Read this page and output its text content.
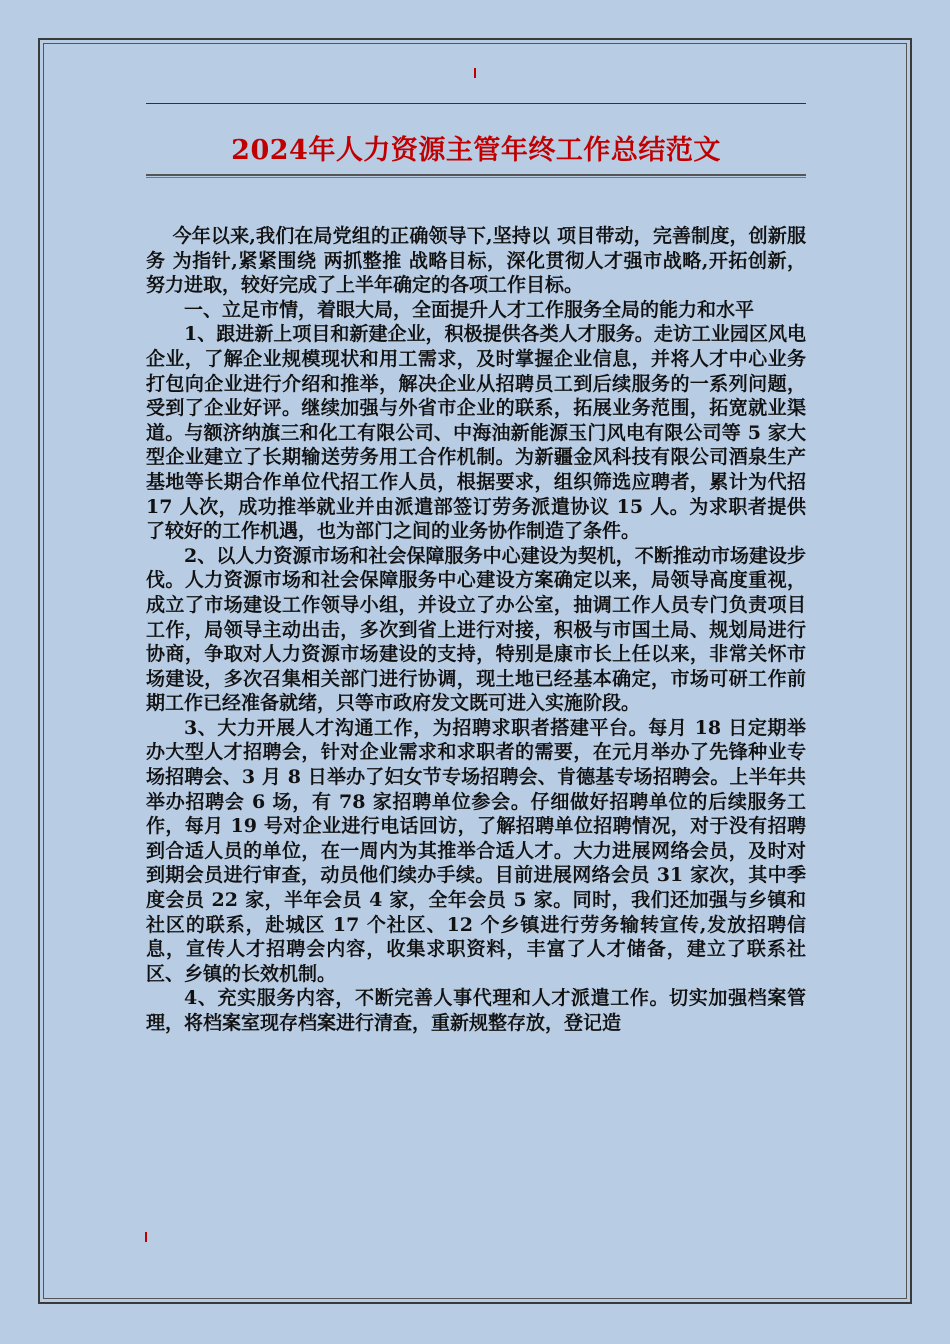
2024年人力资源主管年终工作总结范文

今年以来,我们在局党组的正确领导下,坚持以 项目带动，完善制度，创新服务 为指针,紧紧围绕 两抓整推 战略目标，深化贯彻人才强市战略,开拓创新，努力进取，较好完成了上半年确定的各项工作目标。

一、立足市情，着眼大局，全面提升人才工作服务全局的能力和水平

1、跟进新上项目和新建企业，积极提供各类人才服务。走访工业园区风电企业，了解企业规模现状和用工需求，及时掌握企业信息，并将人才中心业务打包向企业进行介绍和推举，解决企业从招聘员工到后续服务的一系列问题，受到了企业好评。继续加强与外省市企业的联系，拓展业务范围，拓宽就业渠道。与额济纳旗三和化工有限公司、中海油新能源玉门风电有限公司等 5 家大型企业建立了长期输送劳务用工合作机制。为新疆金风科技有限公司酒泉生产基地等长期合作单位代招工作人员，根据要求，组织筛选应聘者，累计为代招 17 人次，成功推举就业并由派遣部签订劳务派遣协议 15 人。为求职者提供了较好的工作机遇，也为部门之间的业务协作制造了条件。

2、以人力资源市场和社会保障服务中心建设为契机，不断推动市场建设步伐。人力资源市场和社会保障服务中心建设方案确定以来，局领导高度重视，成立了市场建设工作领导小组，并设立了办公室，抽调工作人员专门负责项目工作，局领导主动出击，多次到省上进行对接，积极与市国土局、规划局进行协商，争取对人力资源市场建设的支持，特别是康市长上任以来，非常关怀市场建设，多次召集相关部门进行协调，现土地已经基本确定，市场可研工作前期工作已经准备就绪，只等市政府发文既可进入实施阶段。

3、大力开展人才沟通工作，为招聘求职者搭建平台。每月 18 日定期举办大型人才招聘会，针对企业需求和求职者的需要，在元月举办了先锋种业专场招聘会、3 月 8 日举办了妇女节专场招聘会、肯德基专场招聘会。上半年共举办招聘会 6 场，有 78 家招聘单位参会。仔细做好招聘单位的后续服务工作，每月 19 号对企业进行电话回访，了解招聘单位招聘情况，对于没有招聘到合适人员的单位，在一周内为其推举合适人才。大力进展网络会员，及时对到期会员进行审查，动员他们续办手续。目前进展网络会员 31 家次，其中季度会员 22 家，半年会员 4 家，全年会员 5 家。同时，我们还加强与乡镇和社区的联系，赴城区 17 个社区、12 个乡镇进行劳务输转宣传,发放招聘信息，宣传人才招聘会内容，收集求职资料，丰富了人才储备，建立了联系社区、乡镇的长效机制。

4、充实服务内容，不断完善人事代理和人才派遣工作。切实加强档案管理，将档案室现存档案进行清查，重新规整存放，登记造
